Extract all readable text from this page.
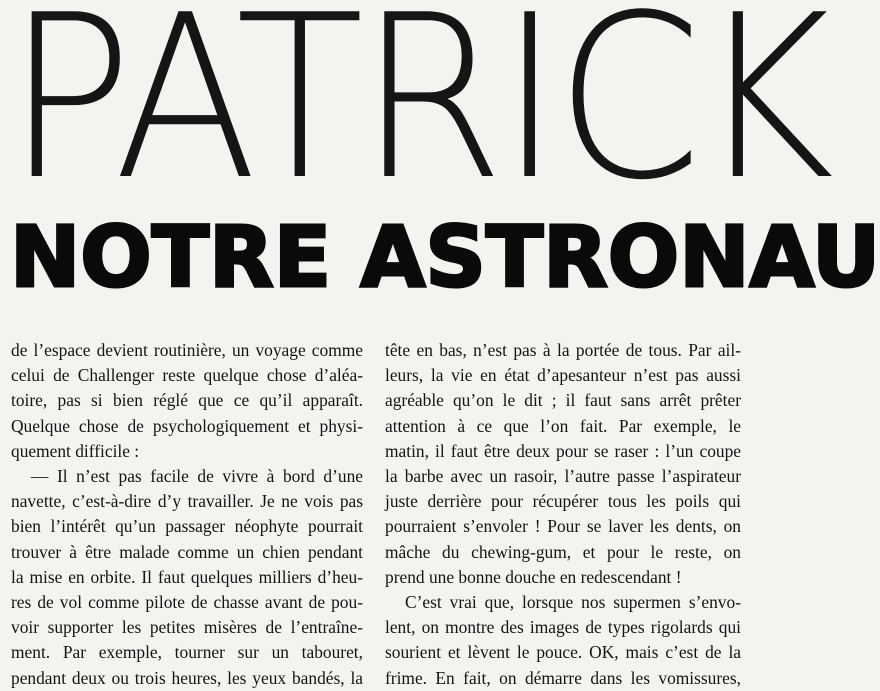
PATRICK
NOTRE ASTRONAU
de l’espace devient routinière, un voyage comme
celui de Challenger reste quelque chose d’aléa-
toire, pas si bien réglé que ce qu’il apparaît.
Quelque chose de psychologiquement et physi-
quement difficile :
— Il n’est pas facile de vivre à bord d’une
navette, c’est-à-dire d’y travailler. Je ne vois pas
bien l’intérêt qu’un passager néophyte pourrait
trouver à être malade comme un chien pendant
la mise en orbite. Il faut quelques milliers d’heu-
res de vol comme pilote de chasse avant de pou-
voir supporter les petites misères de l’entraîne-
ment. Par exemple, tourner sur un tabouret,
pendant deux ou trois heures, les yeux bandés, la
tête en bas, n’est pas à la portée de tous. Par ail-
leurs, la vie en état d’apesanteur n’est pas aussi
agréable qu’on le dit ; il faut sans arrêt prêter
attention à ce que l’on fait. Par exemple, le
matin, il faut être deux pour se raser : l’un coupe
la barbe avec un rasoir, l’autre passe l’aspirateur
juste derrière pour récupérer tous les poils qui
pourraient s’envoler ! Pour se laver les dents, on
mâche du chewing-gum, et pour le reste, on
prend une bonne douche en redescendant !
C’est vrai que, lorsque nos supermen s’envo-
lent, on montre des images de types rigolards qui
sourient et lèvent le pouce. OK, mais c’est de la
frime. En fait, on démarre dans les vomissures,
